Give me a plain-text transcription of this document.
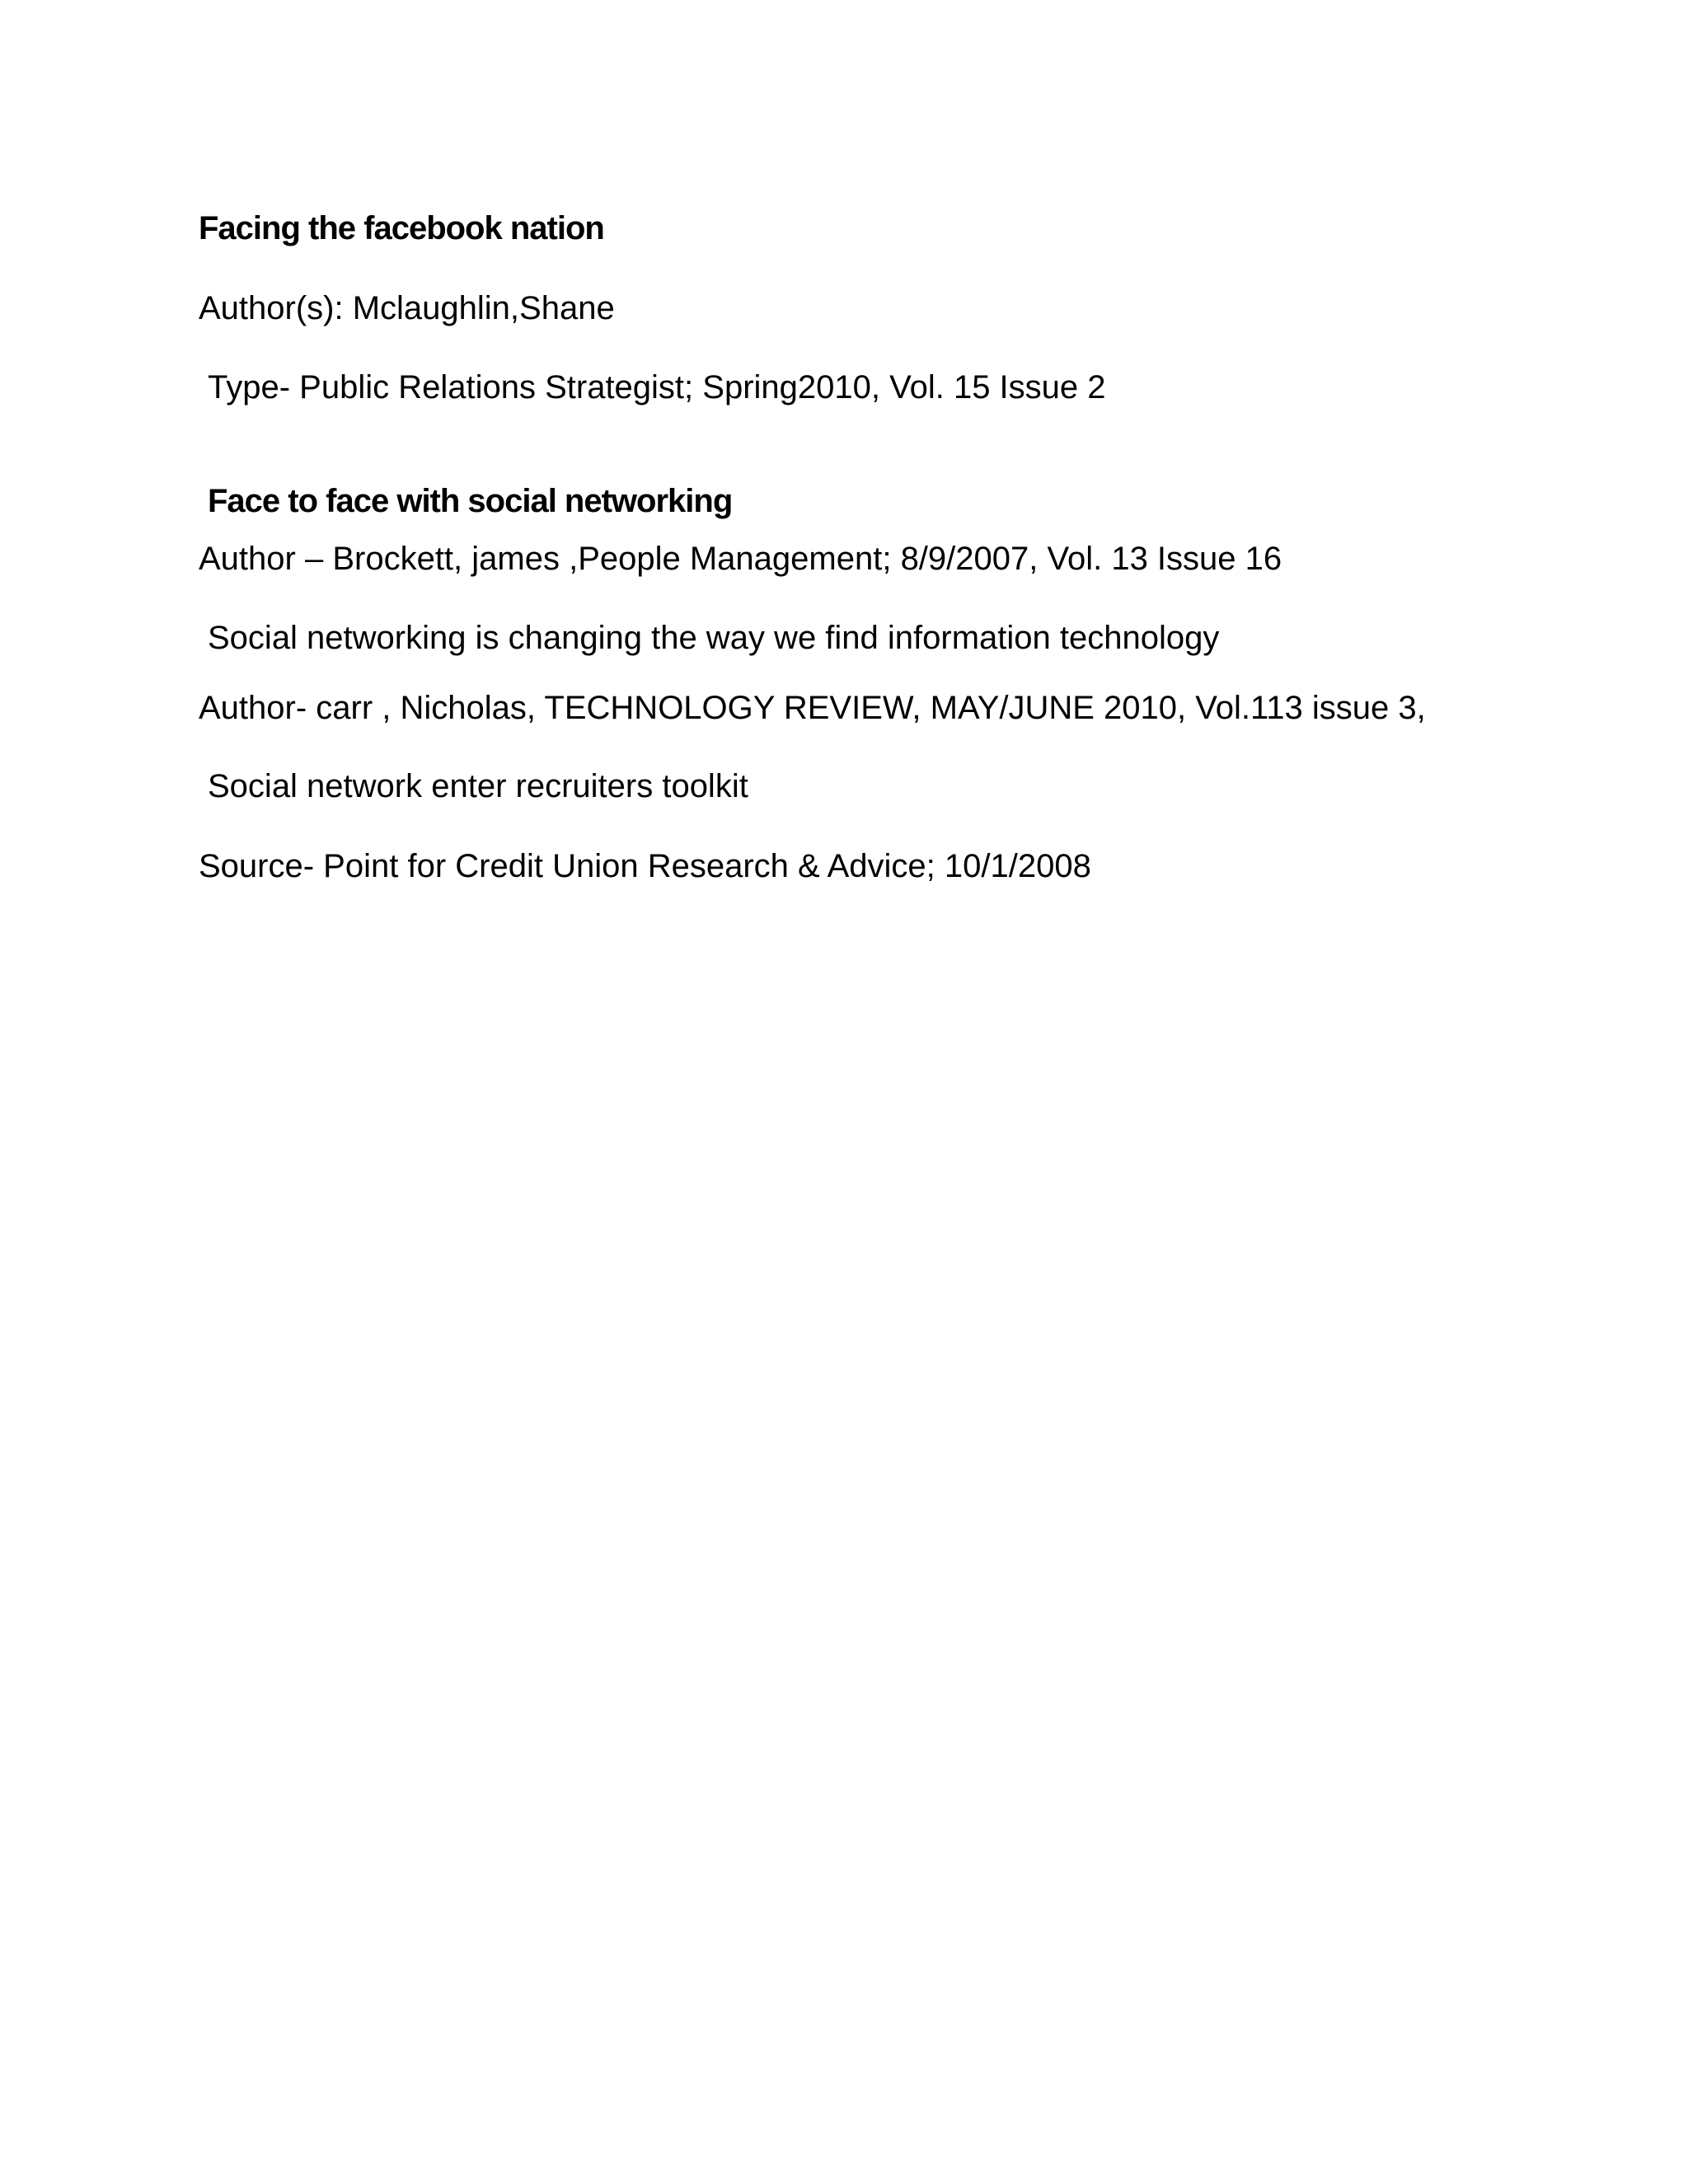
Facing the facebook nation
Author(s): Mclaughlin,Shane
Type- Public Relations Strategist; Spring2010, Vol. 15 Issue 2
Face to face with social networking
Author – Brockett, james ,People Management; 8/9/2007, Vol. 13 Issue 16
Social networking is changing the way we find information technology
Author- carr , Nicholas, TECHNOLOGY REVIEW, MAY/JUNE 2010, Vol.113 issue 3,
Social network enter recruiters toolkit
Source- Point for Credit Union Research & Advice; 10/1/2008
